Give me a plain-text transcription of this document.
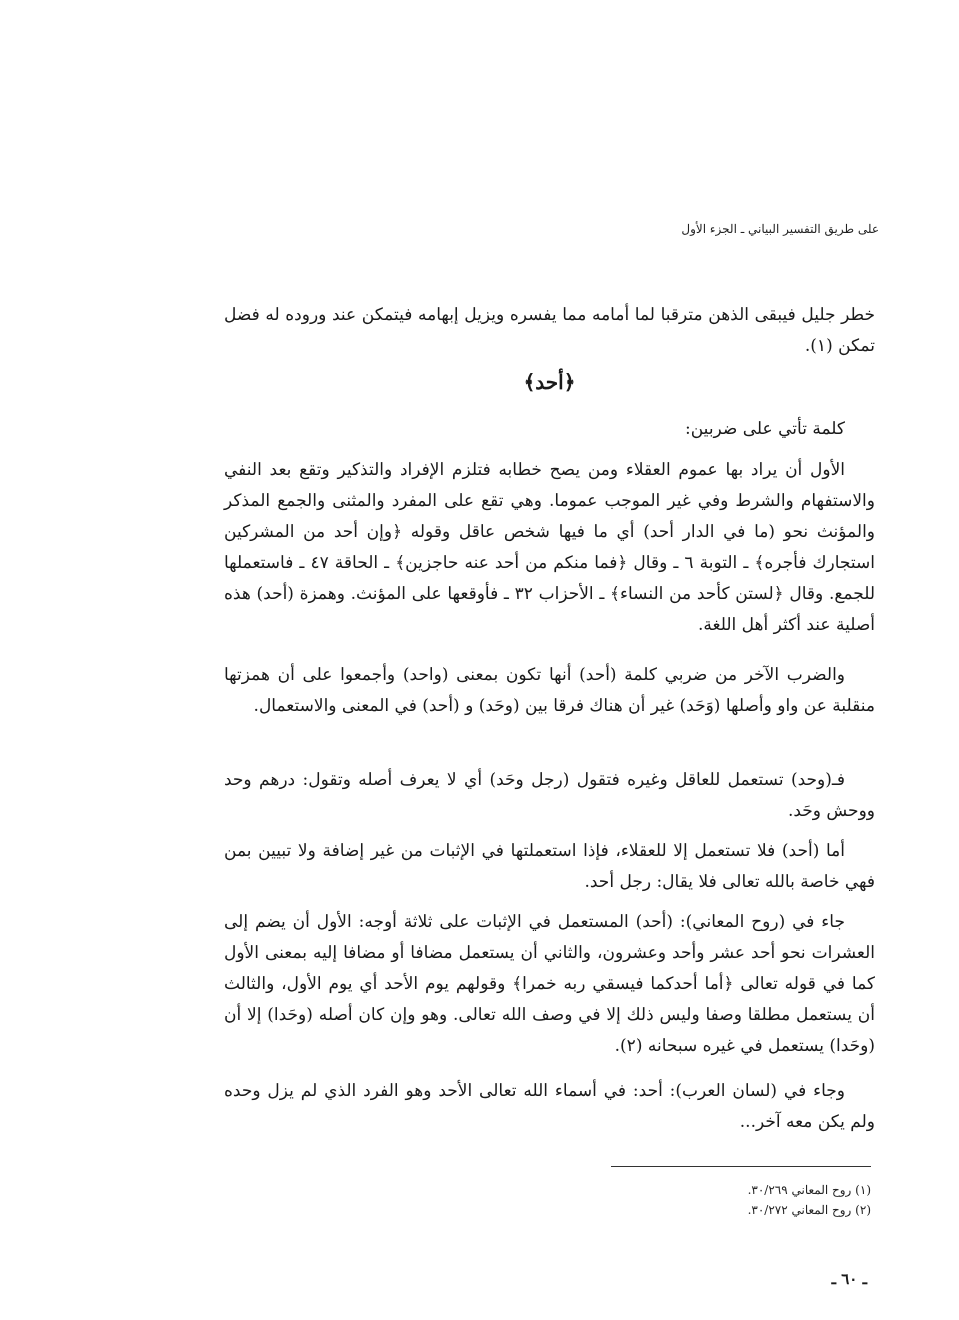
على طريق التفسير البياني ـ الجزء الأول

خطر جليل فيبقى الذهن مترقبا لما أمامه مما يفسره ويزيل إبهامه فيتمكن عند وروده له فضل تمكن (١).

﴿أحد﴾

كلمة تأتي على ضربين:

الأول أن يراد بها عموم العقلاء ومن يصح خطابه فتلزم الإفراد والتذكير وتقع بعد النفي والاستفهام والشرط وفي غير الموجب عموما. وهي تقع على المفرد والمثنى والجمع المذكر والمؤنث نحو (ما في الدار أحد) أي ما فيها شخص عاقل وقوله ﴿وإن أحد من المشركين استجارك فأجره﴾ ـ التوبة ٦ ـ وقال ﴿فما منكم من أحد عنه حاجزين﴾ ـ الحاقة ٤٧ ـ فاستعملها للجمع. وقال ﴿لستن كأحد من النساء﴾ ـ الأحزاب ٣٢ ـ فأوقعها على المؤنث. وهمزة (أحد) هذه أصلية عند أكثر أهل اللغة.

والضرب الآخر من ضربي كلمة (أحد) أنها تكون بمعنى (واحد) وأجمعوا على أن همزتها منقلبة عن واو وأصلها (وَحَد) غير أن هناك فرقا بين (وحَد) و (أحد) في المعنى والاستعمال.

فـ(وحد) تستعمل للعاقل وغيره فتقول (رجل وحَد) أي لا يعرف أصله وتقول: درهم وحد ووحش وحَد.

أما (أحد) فلا تستعمل إلا للعقلاء، فإذا استعملتها في الإثبات من غير إضافة ولا تبيين بمن فهي خاصة بالله تعالى فلا يقال: رجل أحد.

جاء في (روح المعاني): (أحد) المستعمل في الإثبات على ثلاثة أوجه: الأول أن يضم إلى العشرات نحو أحد عشر وأحد وعشرون، والثاني أن يستعمل مضافا أو مضافا إليه بمعنى الأول كما في قوله تعالى ﴿أما أحدكما فيسقي ربه خمرا﴾ وقولهم يوم الأحد أي يوم الأول، والثالث أن يستعمل مطلقا وصفا وليس ذلك إلا في وصف الله تعالى. وهو وإن كان أصله (وحَدا) إلا أن (وحَدا) يستعمل في غيره سبحانه (٢).

وجاء في (لسان العرب): أحد: في أسماء الله تعالى الأحد وهو الفرد الذي لم يزل وحده ولم يكن معه آخر...

(١) روح المعاني ٣٠/٢٦٩.

(٢) روح المعاني ٣٠/٢٧٢.

ـ ٦٠ ـ
